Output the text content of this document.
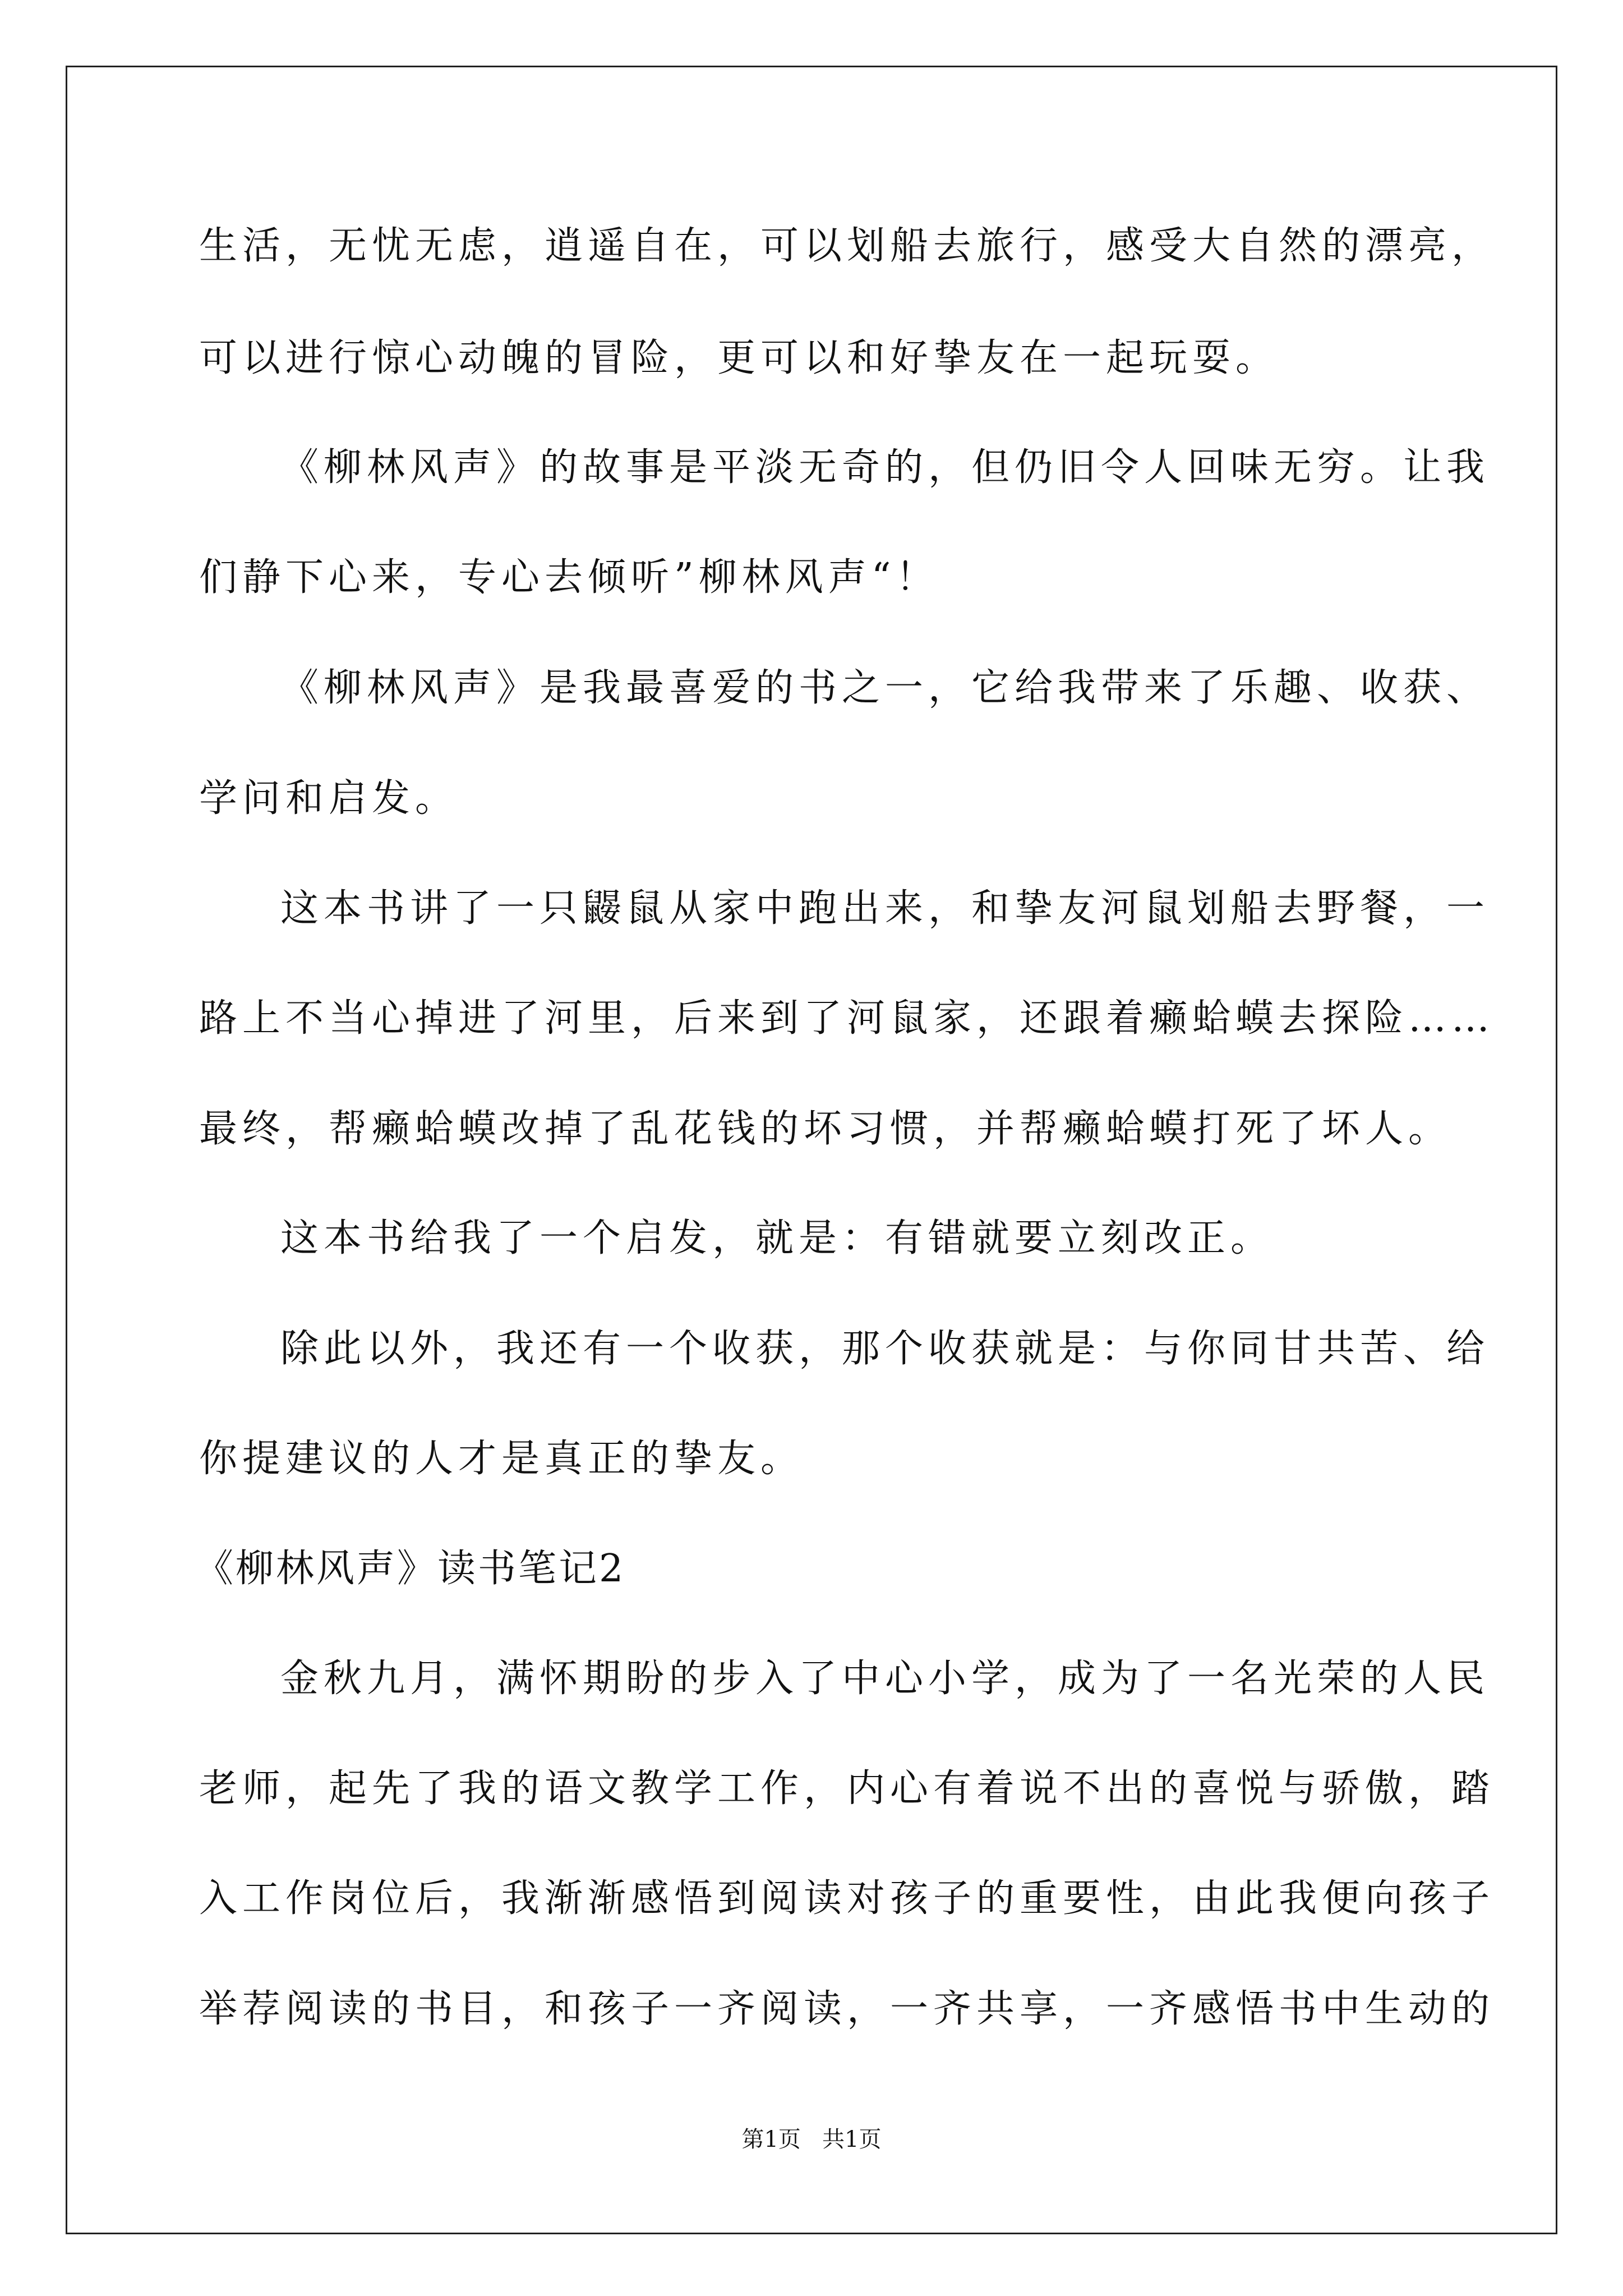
生活，无忧无虑，逍遥自在，可以划船去旅行，感受大自然的漂亮，
可以进行惊心动魄的冒险，更可以和好挚友在一起玩耍。
《柳林风声》的故事是平淡无奇的，但仍旧令人回味无穷。让我
们静下心来，专心去倾听”柳林风声“！
《柳林风声》是我最喜爱的书之一，它给我带来了乐趣、收获、
学问和启发。
这本书讲了一只鼹鼠从家中跑出来，和挚友河鼠划船去野餐，一
路上不当心掉进了河里，后来到了河鼠家，还跟着癞蛤蟆去探险……
最终，帮癞蛤蟆改掉了乱花钱的坏习惯，并帮癞蛤蟆打死了坏人。
这本书给我了一个启发，就是：有错就要立刻改正。
除此以外，我还有一个收获，那个收获就是：与你同甘共苦、给
你提建议的人才是真正的挚友。
《柳林风声》读书笔记2
金秋九月，满怀期盼的步入了中心小学，成为了一名光荣的人民
老师，起先了我的语文教学工作，内心有着说不出的喜悦与骄傲，踏
入工作岗位后，我渐渐感悟到阅读对孩子的重要性，由此我便向孩子
举荐阅读的书目，和孩子一齐阅读，一齐共享，一齐感悟书中生动的
第1页   共1页
